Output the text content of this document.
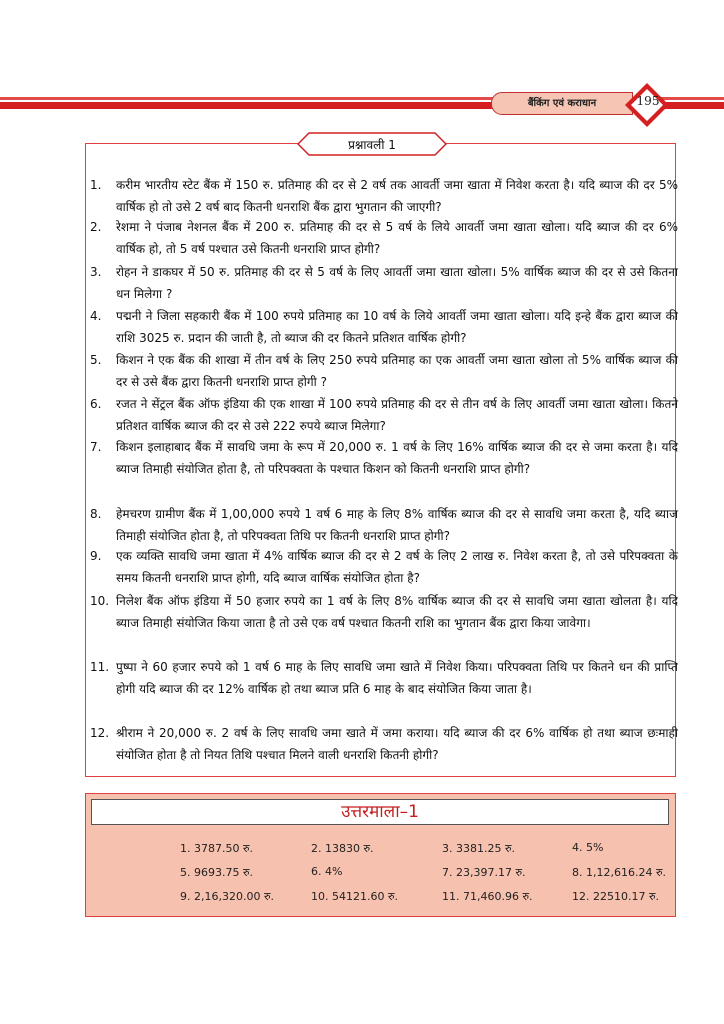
बैंकिंग एवं कराधान	195
प्रश्नावली 1
1.	करीम भारतीय स्टेट बैंक में 150 रु. प्रतिमाह की दर से 2 वर्ष तक आवर्ती जमा खाता में निवेश करता है। यदि ब्याज की दर 5% वार्षिक हो तो उसे 2 वर्ष बाद कितनी धनराशि बैंक द्वारा भुगतान की जाएगी?
2.	रेशमा ने पंजाब नेशनल बैंक में 200 रु. प्रतिमाह की दर से 5 वर्ष के लिये आवर्ती जमा खाता खोला। यदि ब्याज की दर 6% वार्षिक हो, तो 5 वर्ष पश्चात उसे कितनी धनराशि प्राप्त होगी?
3.	रोहन ने डाकघर में 50 रु. प्रतिमाह की दर से 5 वर्ष के लिए आवर्ती जमा खाता खोला। 5% वार्षिक ब्याज की दर से उसे कितना धन मिलेगा ?
4.	पद्मनी ने जिला सहकारी बैंक में 100 रुपये प्रतिमाह का 10 वर्ष के लिये आवर्ती जमा खाता खोला। यदि इन्हे बैंक द्वारा ब्याज की राशि 3025 रु. प्रदान की जाती है, तो ब्याज की दर कितने प्रतिशत वार्षिक होगी?
5.	किशन ने एक बैंक की शाखा में तीन वर्ष के लिए 250 रुपये प्रतिमाह का एक आवर्ती जमा खाता खोला तो 5% वार्षिक ब्याज की दर से उसे बैंक द्वारा कितनी धनराशि प्राप्त होगी ?
6.	रजत ने सेंट्रल बैंक ऑफ इंडिया की एक शाखा में 100 रुपये प्रतिमाह की दर से तीन वर्ष के लिए आवर्ती जमा खाता खोला। कितने प्रतिशत वार्षिक ब्याज की दर से उसे 222 रुपये ब्याज मिलेगा?
7.	किशन इलाहाबाद बैंक में सावधि जमा के रूप में 20,000 रु. 1 वर्ष के लिए 16% वार्षिक ब्याज की दर से जमा करता है। यदि ब्याज तिमाही संयोजित होता है, तो परिपक्वता के पश्चात किशन को कितनी धनराशि प्राप्त होगी?
8.	हेमचरण ग्रामीण बैंक में 1,00,000 रुपये 1 वर्ष 6 माह के लिए 8% वार्षिक ब्याज की दर से सावधि जमा करता है, यदि ब्याज तिमाही संयोजित होता है, तो परिपक्वता तिथि पर कितनी धनराशि प्राप्त होगी?
9.	एक व्यक्ति सावधि जमा खाता में 4% वार्षिक ब्याज की दर से 2 वर्ष के लिए 2 लाख रु. निवेश करता है, तो उसे परिपक्वता के समय कितनी धनराशि प्राप्त होगी, यदि ब्याज वार्षिक संयोजित होता है?
10. निलेश बैंक ऑफ इंडिया में 50 हजार रुपये का 1 वर्ष के लिए 8% वार्षिक ब्याज की दर से सावधि जमा खाता खोलता है। यदि ब्याज तिमाही संयोजित किया जाता है तो उसे एक वर्ष पश्चात कितनी राशि का भुगतान बैंक द्वारा किया जावेगा।
11. पुष्पा ने 60 हजार रुपये को 1 वर्ष 6 माह के लिए सावधि जमा खाते में निवेश किया। परिपक्वता तिथि पर कितने धन की प्राप्ति होगी यदि ब्याज की दर 12% वार्षिक हो तथा ब्याज प्रति 6 माह के बाद संयोजित किया जाता है।
12. श्रीराम ने 20,000 रु. 2 वर्ष के लिए सावधि जमा खाते में जमा कराया। यदि ब्याज की दर 6% वार्षिक हो तथा ब्याज छःमाही संयोजित होता है तो नियत तिथि पश्चात मिलने वाली धनराशि कितनी होगी?
उत्तरमाला–1
1. 3787.50 रु.	2. 13830 रु.	3. 3381.25 रु.	4. 5%
5. 9693.75 रु.	6. 4%	7. 23,397.17 रु.	8. 1,12,616.24 रु.
9. 2,16,320.00 रु.	10. 54121.60 रु.	11. 71,460.96 रु.	12. 22510.17 रु.
